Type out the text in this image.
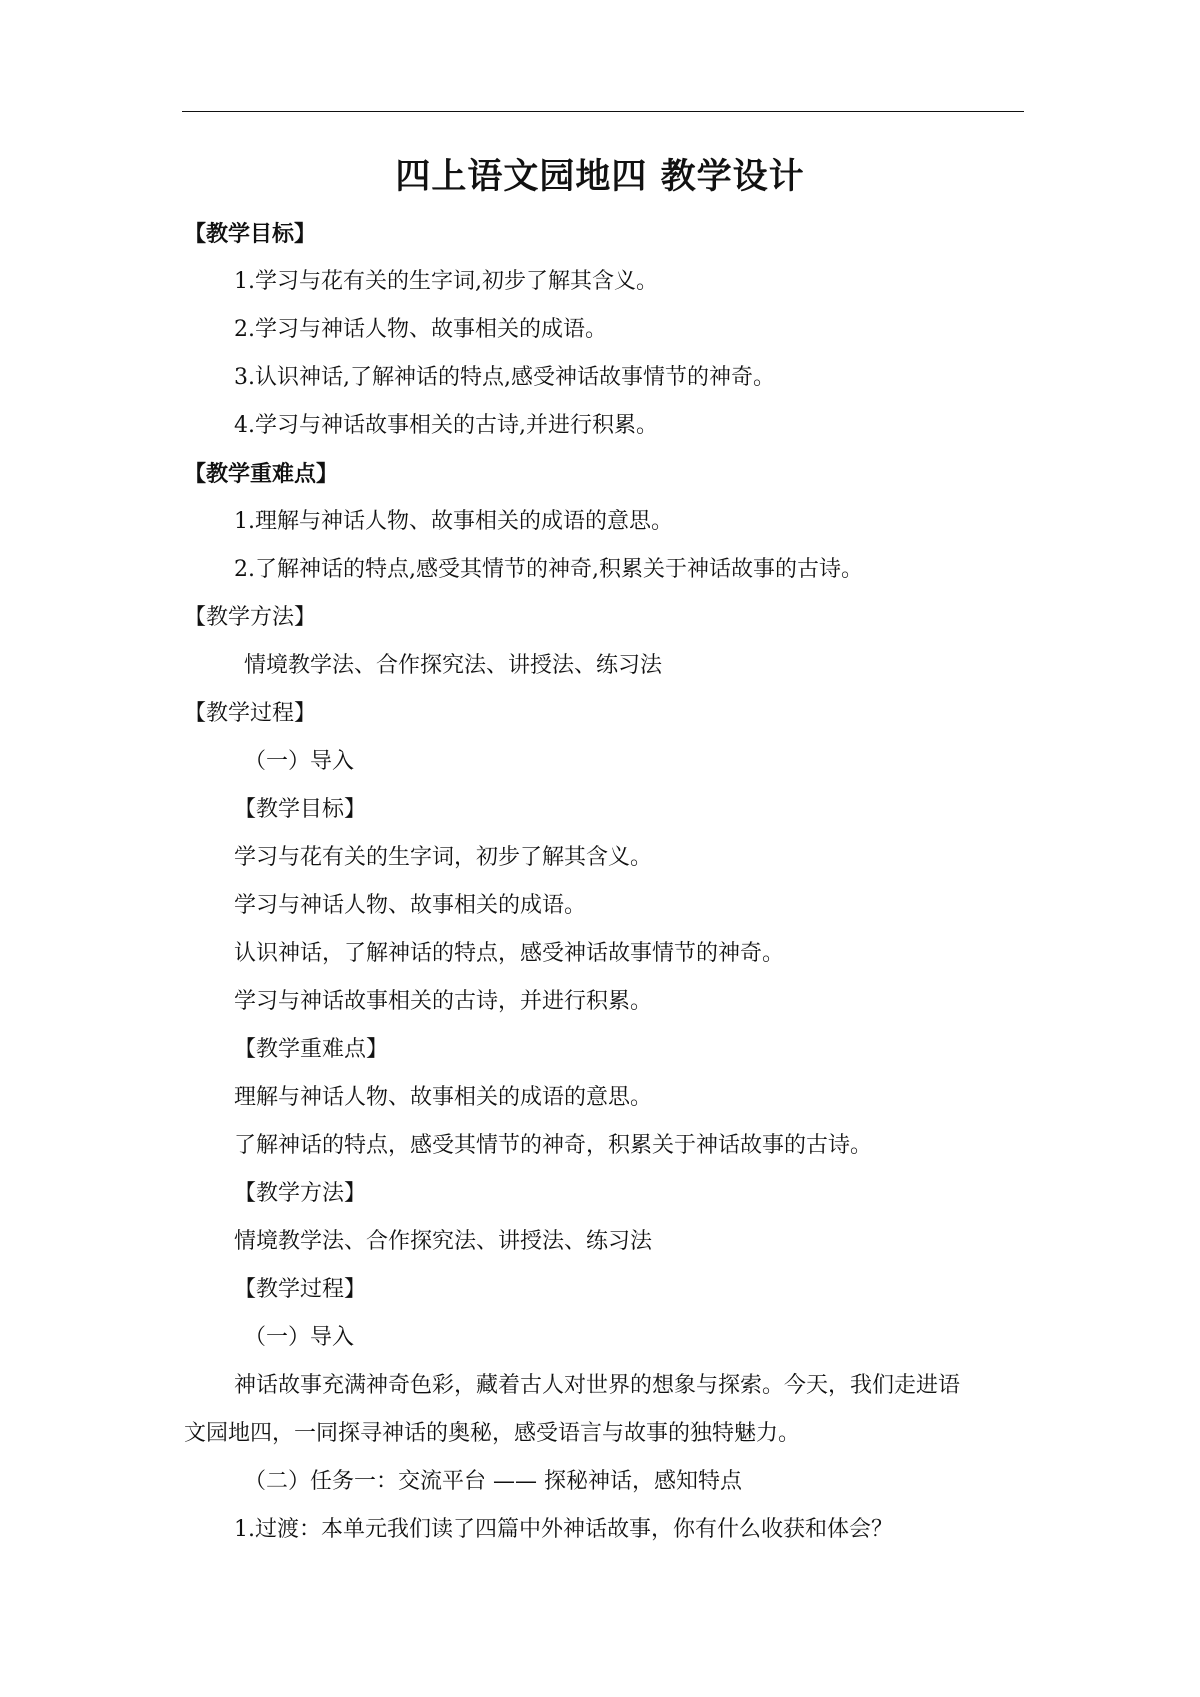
四上语文园地四 教学设计
【教学目标】
1.学习与花有关的生字词,初步了解其含义。
2.学习与神话人物、故事相关的成语。
3.认识神话,了解神话的特点,感受神话故事情节的神奇。
4.学习与神话故事相关的古诗,并进行积累。
【教学重难点】
1.理解与神话人物、故事相关的成语的意思。
2.了解神话的特点,感受其情节的神奇,积累关于神话故事的古诗。
【教学方法】
情境教学法、合作探究法、讲授法、练习法
【教学过程】
（一）导入
【教学目标】
学习与花有关的生字词，初步了解其含义。
学习与神话人物、故事相关的成语。
认识神话，了解神话的特点，感受神话故事情节的神奇。
学习与神话故事相关的古诗，并进行积累。
【教学重难点】
理解与神话人物、故事相关的成语的意思。
了解神话的特点，感受其情节的神奇，积累关于神话故事的古诗。
【教学方法】
情境教学法、合作探究法、讲授法、练习法
【教学过程】
（一）导入
神话故事充满神奇色彩，藏着古人对世界的想象与探索。今天，我们走进语
文园地四，一同探寻神话的奥秘，感受语言与故事的独特魅力。
（二）任务一：交流平台 —— 探秘神话，感知特点
1.过渡：本单元我们读了四篇中外神话故事，你有什么收获和体会？
